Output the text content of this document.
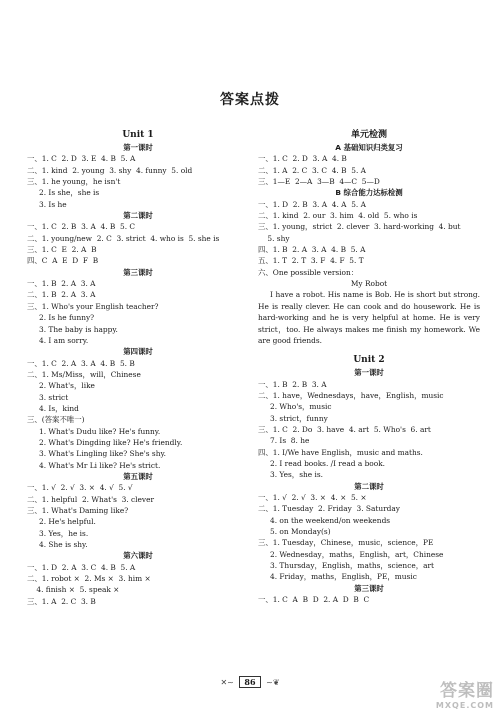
答案点拨
Unit 1
第一课时
一、1. C  2. D  3. E  4. B  5. A
二、1. kind  2. young  3. shy  4. funny  5. old
三、1. he young，he isn't
2. Is she，she is
3. Is he
第二课时
一、1. C  2. B  3. A  4. B  5. C
二、1. young/new  2. C  3. strict  4. who is  5. she is
三、1. C  E  2. A  B
四、C  A  E  D  F  B
第三课时
一、1. B  2. A  3. A
二、1. B  2. A  3. A
三、1. Who's your English teacher?
2. Is he funny?
3. The baby is happy.
4. I am sorry.
第四课时
一、1. C  2. A  3. A  4. B  5. B
二、1. Ms/Miss，will，Chinese
2. What's，like
3. strict
4. Is，kind
三、(答案不唯一)
1. What's Dudu like? He's funny.
2. What's Dingding like? He's friendly.
3. What's Lingling like? She's shy.
4. What's Mr Li like? He's strict.
第五课时
一、1. √  2. √  3. ×  4. √  5. √
二、1. helpful  2. What's  3. clever
三、1. What's Daming like?
2. He's helpful.
3. Yes，he is.
4. She is shy.
第六课时
一、1. D  2. A  3. C  4. B  5. A
二、1. robot ×  2. Ms ×  3. him ×
4. finish ×  5. speak ×
三、1. A  2. C  3. B
单元检测
A 基础知识归类复习
一、1. C  2. D  3. A  4. B
二、1. A  2. C  3. C  4. B  5. A
三、1—E  2—A  3—B  4—C  5—D
B 综合能力达标检测
一、1. D  2. B  3. A  4. A  5. A
二、1. kind  2. our  3. him  4. old  5. who is
三、1. young，strict  2. clever  3. hard-working  4. but
5. shy
四、1. B  2. A  3. A  4. B  5. A
五、1. T  2. T  3. F  4. F  5. T
六、One possible version：
My Robot
I have a robot. His name is Bob. He is short but strong. He is really clever. He can cook and do housework. He is hard-working and he is very helpful at home. He is very strict，too. He always makes me finish my homework. We are good friends.
Unit 2
第一课时
一、1. B  2. B  3. A
二、1. have，Wednesdays，have，English，music
2. Who's，music
3. strict，funny
三、1. C  2. Do  3. have  4. art  5. Who's  6. art
7. Is  8. he
四、1. I/We have English，music and maths.
2. I read books. /I read a book.
3. Yes，she is.
第二课时
一、1. √  2. √  3. ×  4. ×  5. ×
二、1. Tuesday  2. Friday  3. Saturday
4. on the weekend/on weekends
5. on Monday(s)
三、1. Tuesday，Chinese，music，science，PE
2. Wednesday，maths，English，art，Chinese
3. Thursday，English，maths，science，art
4. Friday，maths，English，PE，music
第三课时
一、1. C  A  B  D  2. A  D  B  C
✕~ 86 ~❦	答案圈
MXQE.COM
